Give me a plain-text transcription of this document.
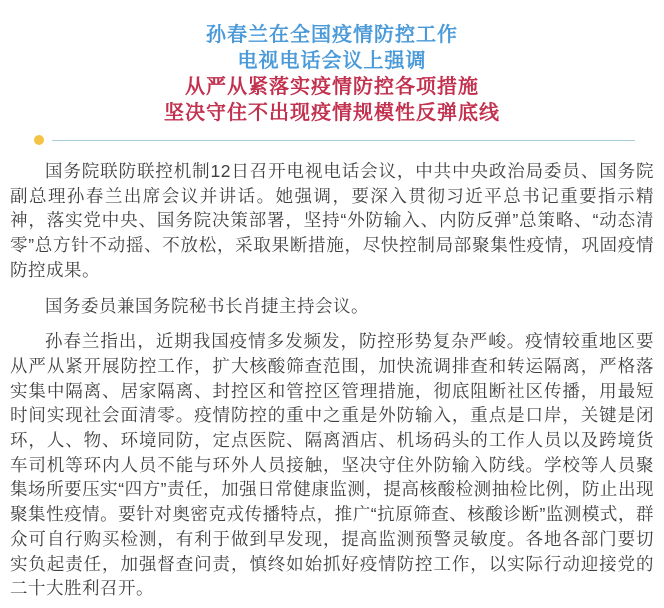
孙春兰在全国疫情防控工作
电视电话会议上强调
从严从紧落实疫情防控各项措施
坚决守住不出现疫情规模性反弹底线

国务院联防联控机制12日召开电视电话会议，中共中央政治局委员、国务院副总理孙春兰出席会议并讲话。她强调，要深入贯彻习近平总书记重要指示精神，落实党中央、国务院决策部署，坚持“外防输入、内防反弹”总策略、“动态清零”总方针不动摇、不放松，采取果断措施，尽快控制局部聚集性疫情，巩固疫情防控成果。

国务委员兼国务院秘书长肖捷主持会议。

孙春兰指出，近期我国疫情多发频发，防控形势复杂严峻。疫情较重地区要从严从紧开展防控工作，扩大核酸筛查范围，加快流调排查和转运隔离，严格落实集中隔离、居家隔离、封控区和管控区管理措施，彻底阻断社区传播，用最短时间实现社会面清零。疫情防控的重中之重是外防输入，重点是口岸，关键是闭环，人、物、环境同防，定点医院、隔离酒店、机场码头的工作人员以及跨境货车司机等环内人员不能与环外人员接触，坚决守住外防输入防线。学校等人员聚集场所要压实“四方”责任，加强日常健康监测，提高核酸检测抽检比例，防止出现聚集性疫情。要针对奥密克戎传播特点，推广“抗原筛查、核酸诊断”监测模式，群众可自行购买检测，有利于做到早发现，提高监测预警灵敏度。各地各部门要切实负起责任，加强督查问责，慎终如始抓好疫情防控工作，以实际行动迎接党的二十大胜利召开。
